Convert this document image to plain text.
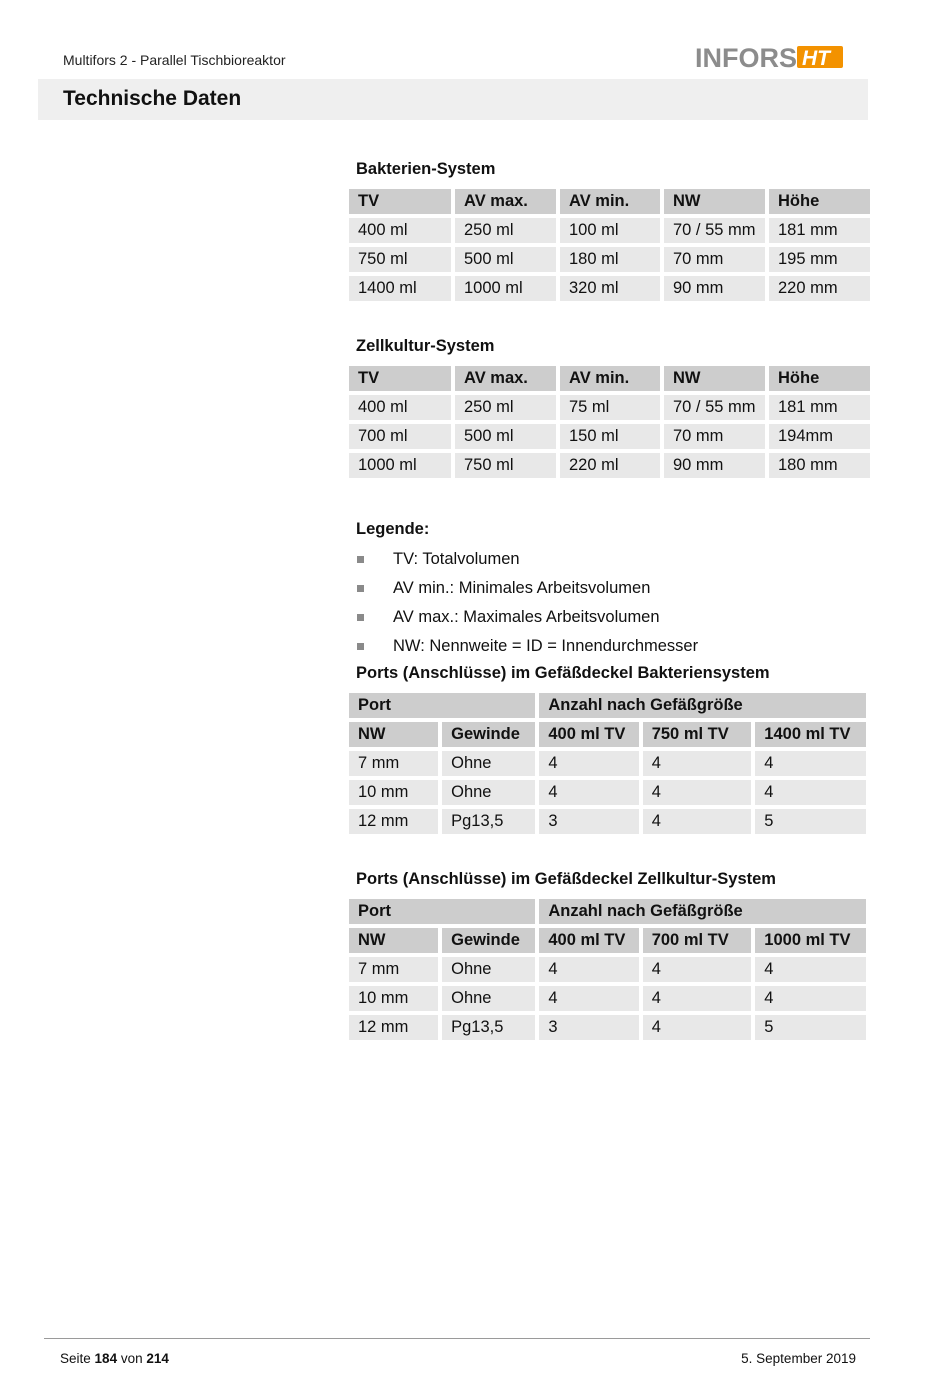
Multifors 2 - Parallel Tischbioreaktor	INFORS HT
Technische Daten
Bakterien-System
TV	AV max.	AV min.	NW	Höhe
400 ml	250 ml	100 ml	70 / 55 mm	181 mm
750 ml	500 ml	180 ml	70 mm	195 mm
1400 ml	1000 ml	320 ml	90 mm	220 mm
Zellkultur-System
TV	AV max.	AV min.	NW	Höhe
400 ml	250 ml	75 ml	70 / 55 mm	181 mm
700 ml	500 ml	150 ml	70 mm	194mm
1000 ml	750 ml	220 ml	90 mm	180 mm
Legende:
TV: Totalvolumen
AV min.: Minimales Arbeitsvolumen
AV max.: Maximales Arbeitsvolumen
NW: Nennweite = ID = Innendurchmesser
Ports (Anschlüsse) im Gefäßdeckel Bakteriensystem
Port		Anzahl nach Gefäßgröße		
NW	Gewinde	400 ml TV	750 ml TV	1400 ml TV
7 mm	Ohne	4	4	4
10 mm	Ohne	4	4	4
12 mm	Pg13,5	3	4	5
Ports (Anschlüsse) im Gefäßdeckel Zellkultur-System
Port		Anzahl nach Gefäßgröße		
NW	Gewinde	400 ml TV	700 ml TV	1000 ml TV
7 mm	Ohne	4	4	4
10 mm	Ohne	4	4	4
12 mm	Pg13,5	3	4	5
Seite 184 von 214	5. September 2019
